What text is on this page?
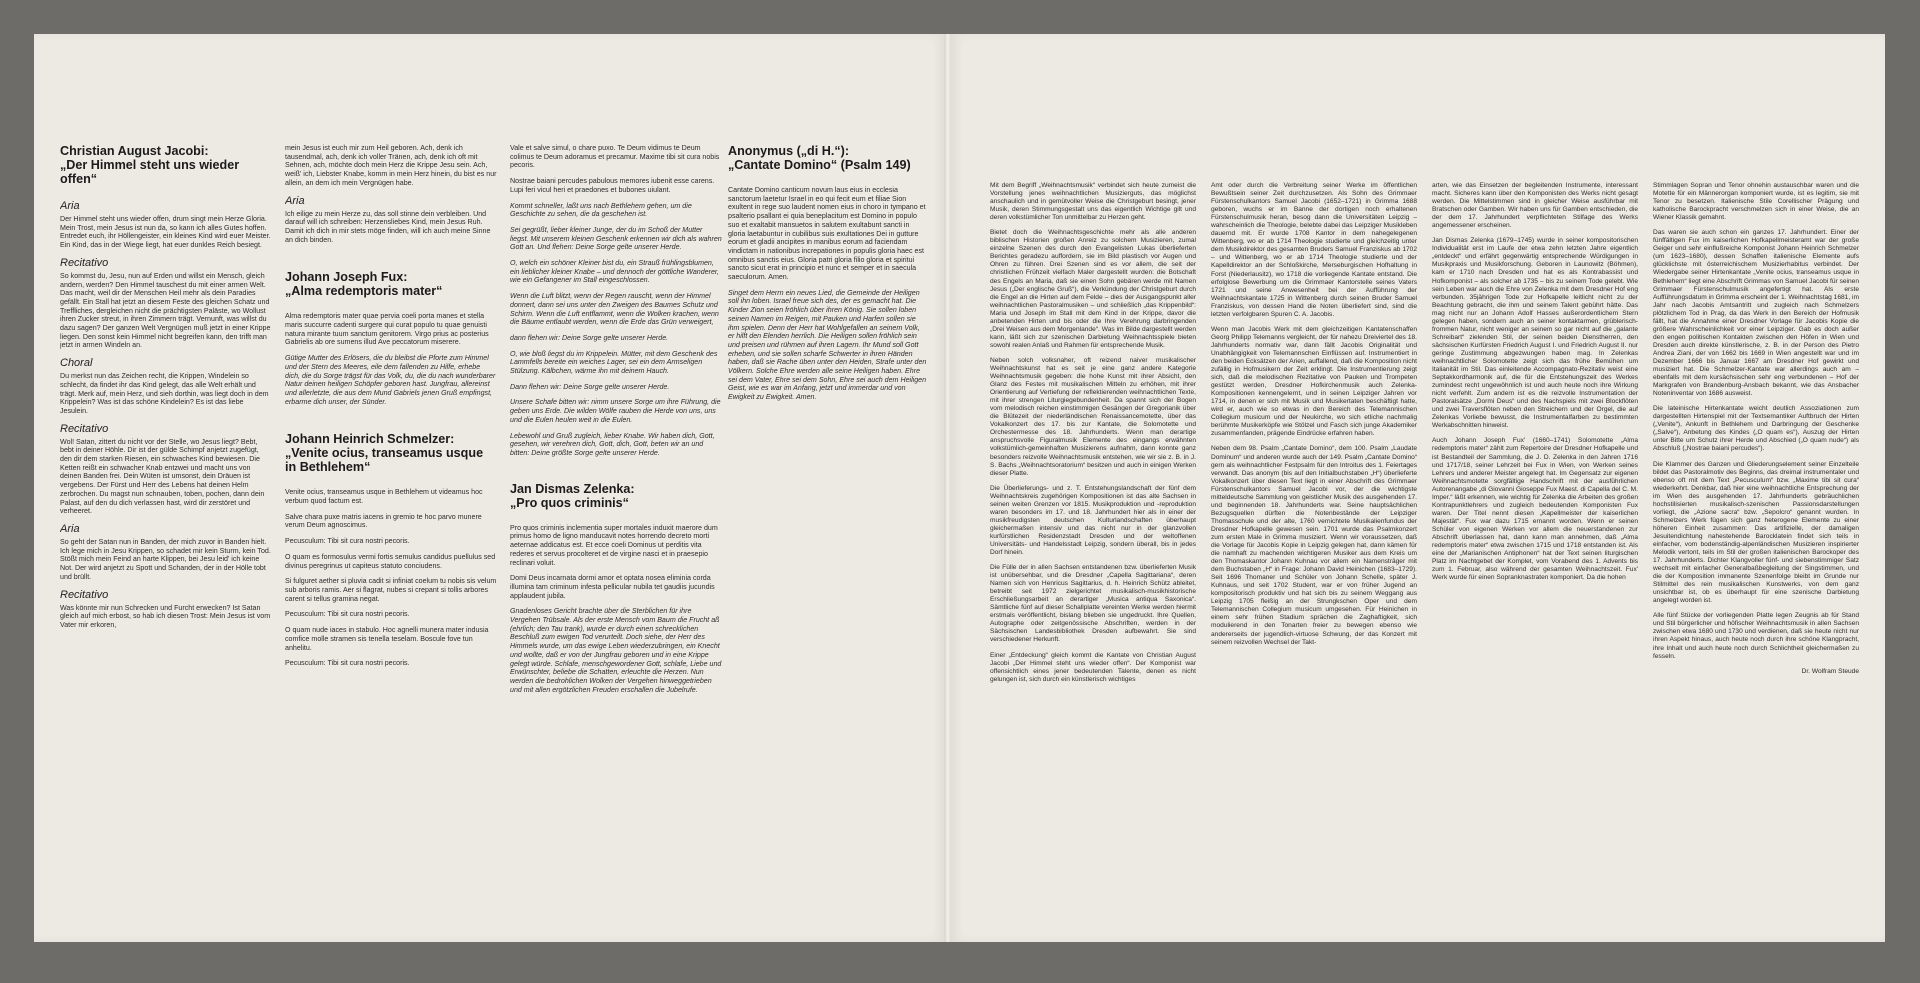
Christian August Jacobi:
„Der Himmel steht uns wieder offen“
Aria

Der Himmel steht uns wieder offen, drum singt mein Herze Gloria. Mein Trost, mein Jesus ist nun da, so kann ich alles Gutes hoffen. Entredet euch, ihr Höllengeister, ein kleines Kind wird euer Meister. Ein Kind, das in der Wiege liegt, hat euer dunkles Reich besiegt.

Recitativo

So kommst du, Jesu, nun auf Erden und willst ein Mensch, gleich andern, werden? Den Himmel tauschest du mit einer armen Welt. Das macht, weil dir der Menschen Heil mehr als dein Paradies gefällt. Ein Stall hat jetzt an diesem Feste des gleichen Schatz und Treffliches, dergleichen nicht die prächtigsten Paläste, wo Wollust ihren Zucker streut, in ihren Zimmern trägt. Vernunft, was willst du dazu sagen? Der ganzen Welt Vergnügen muß jetzt in einer Krippe liegen. Den sonst kein Himmel nicht begreifen kann, den trifft man jetzt in armen Windeln an.

Choral

Du merkst nun das Zeichen recht, die Krippen, Windelein so schlecht, da findet ihr das Kind gelegt, das alle Welt erhält und trägt. Merk auf, mein Herz, und sieh dorthin, was liegt doch in dem Krippelein? Was ist das schöne Kindelein? Es ist das liebe Jesulein.

Recitativo

Wol! Satan, zittert du nicht vor der Stelle, wo Jesus liegt? Bebt, bebt in deiner Höhle. Dir ist der gülde Schimpf anjetzt zugefügt, den dir dem starken Riesen, ein schwaches Kind bewiesen. Die Ketten reißt ein schwacher Knab entzwei und macht uns von deinen Banden frei. Dein Wüten ist umsonst, dein Dräuen ist vergebens. Der Fürst und Herr des Lebens hat deinen Helm zerbrochen. Du magst nun schnauben, toben, pochen, dann dein Palast, auf den du dich verlassen hast, wird dir zerstöret und verheeret.

Aria

So geht der Satan nun in Banden, der mich zuvor in Banden hielt. Ich lege mich in Jesu Krippen, so schadet mir kein Sturm, kein Tod. Stößt mich mein Feind an harte Klippen, bei Jesu leid' ich keine Not. Der wird anjetzt zu Spott und Schanden, der in der Hölle tobt und brüllt.

Recitativo

Was könnte mir nun Schrecken und Furcht erwecken? Ist Satan gleich auf mich erbost, so hab ich diesen Trost: Mein Jesus ist vom Vater mir erkoren,

mein Jesus ist euch mir zum Heil geboren. Ach, denk ich tausendmal, ach, denk ich voller Tränen, ach, denk ich oft mit Sehnen, ach, möchte doch mein Herz die Krippe Jesu sein. Ach, weiß' ich, Liebster Knabe, komm in mein Herz hinein, du bist es nur allein, an dem ich mein Vergnügen habe.

Aria

Ich eilige zu mein Herze zu, das soll stinne dein verbleiben. Und darauf will ich schreiben: Herzensliebes Kind, mein Jesus Ruh. Damit ich dich in mir stets möge finden, will ich auch meine Sinne an dich binden.

Johann Joseph Fux:
„Alma redemptoris mater“

Alma redemptoris mater quae pervia coeli porta manes et stella maris succurre cadenti surgere qui curat populo tu quae genuisti natura mirante tuum sanctum genitorem. Virgo prius ac posterius Gabrielis ab ore sumens illud Ave peccatorum miserere.

Gütige Mutter des Erlösers, die du bleibst die Pforte zum Himmel und der Stern des Meeres, eile dem fallenden zu Hilfe, erhebe dich, die du Sorge trägst für das Volk, du, die du nach wunderbarer Natur deinen heiligen Schöpfer geboren hast. Jungfrau, allereinst und allerletzte, die aus dem Mund Gabriels jenen Gruß empfingst, erbarme dich unser, der Sünder.

Johann Heinrich Schmelzer:
„Venite ocius, transeamus usque in Bethlehem“

Venite ocius, transeamus usque in Bethlehem ut videamus hoc verbum quod factum est.

Salve chara puxe matris iacens in gremio te hoc parvo munere verum Deum agnoscimus.

Pecusculum: Tibi sit cura nostri pecoris.

O quam es formosulus vermi fortis semulus candidus puellulus sed divinus peregrinus ut capiteus statuto conciudens.

Si fulguret aether si pluvia cadit si infiniat coelum tu nobis sis velum sub arboris ramis. Aer si flagrat, nubes si crepant si tollis arbores carent si tellus gramina negat.

Pecusculum: Tibi sit cura nostri pecoris.

O quam nude iaces in stabulo. Hoc agnelli munera mater indusia comfice molle stramen sis tenella teselam. Boscule fove tun anhelitu.

Pecusculum: Tibi sit cura nostri pecoris.

Vale et salve simul, o chare puxo. Te Deum vidimus te Deum colimus te Deum adoramus et precamur. Maxime tibi sit cura nobis pecoris.

Nostrae baiani percudes pabulous memores iubenit esse carens. Lupi feri vicul heri et praedones et bubones uiulant.

Kommt schneller, laßt uns nach Bethlehem gehen, um die Geschichte zu sehen, die da geschehen ist.

Sei gegrüßt, lieber kleiner Junge, der du im Schoß der Mutter liegst. Mit unserem kleinen Geschenk erkennen wir dich als wahren Gott an. Und flehen: Deine Sorge gelte unserer Herde.

O, welch ein schöner Kleiner bist du, ein Strauß frühlingsblumen, ein lieblicher kleiner Knabe – und dennoch der göttliche Wanderer, wie ein Gefangener im Stall eingeschlossen.

Wenn die Luft blitzt, wenn der Regen rauscht, wenn der Himmel donnert, dann sei uns unter den Zweigen des Baumes Schutz und Schirm. Wenn die Luft entflammt, wenn die Wolken krachen, wenn die Bäume entlaubt werden, wenn die Erde das Grün verweigert,

dann flehen wir: Deine Sorge gelte unserer Herde.

O, wie bloß liegst du im Krippelein. Mütter, mit dem Geschenk des Lammfells bereite ein weiches Lager, sei ein dem Armseligen Stülzung. Kälbchen, wärme ihn mit deinem Hauch.

Dann flehen wir: Deine Sorge gelte unserer Herde.

Unsere Schafe bitten wir: nimm unsere Sorge um ihre Führung, die geben uns Erde. Die wilden Wölfe rauben die Herde von uns, uns und die Eulen heulen weit in die Eulen.

Lebewohl und Gruß zugleich, lieber Knabe. Wir haben dich, Gott, gesehen, wir verehren dich, Gott, dich, Gott, beten wir an und bitten: Deine größte Sorge gelte unserer Herde.

Jan Dismas Zelenka:
„Pro quos criminis“

Pro quos criminis inclementia super mortales induxit maerore dum primus homo de ligno manducavit notes horrendo decreto morti aeternae addicatus est. Et ecce coeli Dominus ut perditis vita rederes et servus procolteret et de virgine nasci et in praesepio reclinari voluit.

Domi Deus incarnata dormi amor et optata nosea eliminia corda illumina tam criminum infesta pellicular nubila tet gaudiis jucundis applaudent jubila.

Gnadenloses Gericht brachte über die Sterblichen für ihre Vergehen Trübsale. Als der erste Mensch vom Baum die Frucht aß (ehrlich; den Tau trank), wurde er durch einen schrecklichen Beschluß zum ewigen Tod verurteilt. Doch siehe, der Herr des Himmels wurde, um das ewige Leben wiederzubringen, ein Knecht und wollte, daß er von der Jungfrau geboren und in eine Krippe gelegt würde. Schlafe, menschgewordener Gott, schlafe, Liebe und Erwünschter, beliebe die Schatten, erleuchte die Herzen. Nun werden die bedrohlichen Wolken der Vergehen hinweggetrieben und mit allen ergötzlichen Freuden erschallen die Jubelrufe.

Anonymus („di H.“):
„Cantate Domino“ (Psalm 149)

Cantate Domino canticum novum laus eius in ecclesia sanctorum laetetur Israel in eo qui fecit eum et filiae Sion exultent in rege suo laudent nomen eius in choro in tympano et psalterio psallant ei quia beneplacitum est Domino in populo suo et exaltabit mansuetos in salutem exultabunt sancti in gloria laetabuntur in cubilibus suis exultationes Dei in gutture eorum et gladii ancipites in manibus eorum ad faciendam vindictam in nationibus increpationes in populis gloria haec est omnibus sanctis eius. Gloria patri gloria filio gloria et spiritui sancto sicut erat in principio et nunc et semper et in saecula saeculorum. Amen.

Singet dem Herrn ein neues Lied, die Gemeinde der Heiligen soll ihn loben. Israel freue sich des, der es gemacht hat. Die Kinder Zion seien fröhlich über ihren König. Sie sollen loben seinen Namen im Reigen, mit Pauken und Harfen sollen sie ihm spielen. Denn der Herr hat Wohlgefallen an seinem Volk, er hilft den Elenden herrlich. Die Heiligen sollen fröhlich sein und preisen und rühmen auf ihren Lagern. Ihr Mund soll Gott erheben, und sie sollen scharfe Schwerter in ihren Händen haben, daß sie Rache üben unter den Heiden, Strafe unter den Völkern. Solche Ehre werden alle seine Heiligen haben. Ehre sei dem Vater, Ehre sei dem Sohn, Ehre sei auch dem Heiligen Geist, wie es war im Anfang, jetzt und immerdar und von Ewigkeit zu Ewigkeit. Amen.

Mit dem Begriff „Weihnachtsmusik“ verbindet sich heute zumeist die Vorstellung jenes weihnachtlichen Musizierguts, das möglichst anschaulich und in gemütvoller Weise die Christgeburt besingt, jener Musik, deren Stimmungsgestalt uns das eigentlich Wichtige gilt und deren volkstümlicher Ton unmittelbar zu Herzen geht.

Bietet doch die Weihnachtsgeschichte mehr als alle anderen biblischen Historien großen Anreiz zu solchem Musizieren, zumal einzelne Szenen des durch den Evangelisten Lukas überlieferten Berichtes geradezu auffordern, sie im Bild plastisch vor Augen und Ohren zu führen. Drei Szenen sind es vor allem, die seit der christlichen Frühzeit vielfach Maler dargestellt wurden: die Botschaft des Engels an Maria, daß sie einen Sohn gebären werde mit Namen Jesus („Der englische Gruß“), die Verkündung der Christgeburt durch die Engel an die Hirten auf dem Felde – dies der Ausgangspunkt aller weihnachtlichen Pastoralmusiken – und schließlich „das Krippenbild“: Maria und Joseph im Stall mit dem Kind in der Krippe, davor die anbetenden Hirten und bis oder die Ihre Verehrung darbringenden „Drei Weisen aus dem Morgenlande“. Was im Bilde dargestellt werden kann, läßt sich zur szenischen Darbietung Weihnachtsspiele bieten sowohl realen Anlaß und Rahmen für entsprechende Musik.

Neben solch volksnaher, oft reizend naiver musikalischer Weihnachtskunst hat es seit je eine ganz andere Kategorie Weihnachtsmusik gegeben: die hohe Kunst mit ihrer Absicht, den Glanz des Festes mit musikalischen Mitteln zu erhöhen, mit ihrer Orientierung auf Vertiefung der reflektierenden weihnachtlichen Texte, mit ihrer strengen Liturgiegebundenheit. Da spannt sich der Bogen vom melodisch reichen einstimmigen Gesängen der Gregorianik über die Blütezeit der niederländischen Renaissancemotette, über das Vokalkonzert des 17. bis zur Kantate, die Solomotette und Orchestermesse des 18. Jahrhunderts. Wenn man derartige anspruchsvolle Figuralmusik Elemente des eingangs erwähnten volkstümlich-gemeinhaften Musizierens aufnahm, dann konnte ganz besonders reizvolle Weihnachtsmusik entstehen, wie wir sie z. B. in J. S. Bachs „Weihnachtsoratorium“ besitzen und auch in einigen Werken dieser Platte.

Die Überlieferungs- und z. T. Entstehungslandschaft der fünf dem Weihnachtskreis zugehörigen Kompositionen ist das alte Sachsen in seinen weiten Grenzen vor 1815. Musikproduktion und -reproduktion waren besonders im 17. und 18. Jahrhundert hier als in einer der musikfreudigsten deutschen Kulturlandschaften überhaupt gleichermaßen intensiv und das nicht nur in der glanzvollen kurfürstlichen Residenzstadt Dresden und der weltoffenen Universitäts- und Handelsstadt Leipzig, sondern überall, bis in jedes Dorf hinein.

Die Fülle der in allen Sachsen entstandenen bzw. überlieferten Musik ist unübersehbar, und die Dresdner „Capella Sagittariana“, deren Namen sich von Henricus Sagittarius, d. h. Heinrich Schütz ableitet, betreibt seit 1972 zielgerichtet musikalisch-musikhistorische Erschließungsarbeit an derartiger „Musica antiqua Saxonica“. Sämtliche fünf auf dieser Schallplatte vereinten Werke werden hiermit erstmals veröffentlicht, bislang blieben sie ungedruckt. Ihre Quellen, Autographe oder zeitgenössische Abschriften, werden in der Sächsischen Landesbibliothek Dresden aufbewahrt. Sie sind verschiedener Herkunft.

Einer „Entdeckung“ gleich kommt die Kantate von Christian August Jacobi „Der Himmel steht uns wieder offen“. Der Komponist war offensichtlich eines jener bedeutenden Talente, denen es nicht gelungen ist, sich durch ein künstlerisch wichtiges

Amt oder durch die Verbreitung seiner Werke im öffentlichen Bewußtsein seiner Zeit durchzusetzen. Als Sohn des Grimmaer Fürstenschulkantors Samuel Jacobi (1652–1721) in Grimma 1688 geboren, wuchs er im Banne der dortigen noch erhaltenen Fürstenschulmusik heran, besog dann die Universitäten Leipzig – wahrscheinlich die Theologie, belebte dabei das Leipziger Musikleben dauernd mit. Er wurde 1708 Kantor in dem nahegelegenen Wittenberg, wo er ab 1714 Theologie studierte und gleichzeitig unter dem Musikdirektor des gesamten Bruders Samuel Franziskus ab 1702 – und Wittenberg, wo er ab 1714 Theologie studierte und der Kapelldirektor an der Schloßkirche, Merseburgischen Hofhaltung in Forst (Niederlausitz), wo 1718 die vorliegende Kantate entstand. Die erfolglose Bewerbung um die Grimmaer Kantorstelle seines Vaters 1721 und seine Anwesenheit bei der Aufführung der Weihnachtskantate 1725 in Wittenberg durch seinen Bruder Samuel Franziskus, von dessen Hand die Noten überliefert sind, sind die letzten verfolgbaren Spuren C. A. Jacobis.

Wenn man Jacobis Werk mit dem gleichzeitigen Kantatenschaffen Georg Philipp Telemanns vergleicht, der für nahezu Dreiviertel des 18. Jahrhunderts normativ war, dann fällt Jacobis Originalität und Unabhängigkeit von Telemannschen Einflüssen auf. Instrumentiert in den beiden Ecksätzen der Arien, auffallend, daß die Komposition nicht zufällig in Hofmusikern der Zeit erklingt. Die Instrumentierung zeigt sich, daß die melodischen Rezitative von Pauken und Trompeten gestützt werden, Dresdner Hofkirchenmusik auch Zelenka-Kompositionen kennengelernt, und in seinen Leipziger Jahren vor 1714, in denen er sich mit Musik und Musikertaten beschäftigt hatte, wird er, auch wie so etwas in den Bereich des Telemannischen Collegium musicum und der Neukirche, wo sich etliche nachmalig berühmte Musikerköpfe wie Stölzel und Fasch sich junge Akademiker zusammenfanden, prägende Eindrücke erfahren haben.

Neben dem 98. Psalm „Cantate Domino“, dem 100. Psalm „Laudate Dominum“ und anderen wurde auch der 149. Psalm „Cantate Domino“ gern als weihnachtlicher Festpsalm für den Introitus des 1. Feiertages verwandt. Das anonym (bis auf den Initialbuchstaben „H“) überlieferte Vokalkonzert über diesen Text liegt in einer Abschrift des Grimmaer Fürstenschulkantors Samuel Jacobi vor, der die wichtigste mitteldeutsche Sammlung von geistlicher Musik des ausgehenden 17. und beginnenden 18. Jahrhunderts war. Seine hauptsächlichen Bezugsquellen dürften die Notenbestände der Leipziger Thomasschule und der alte, 1760 vernichtete Musikalienfundus der Dresdner Hofkapelle gewesen sein. 1701 wurde das Psalmkonzert zum ersten Male in Grimma musiziert. Wenn wir voraussetzen, daß die Vorlage für Jacobis Kopie in Leipzig gelegen hat, dann kämen für die namhaft zu machenden wichtigeren Musiker aus dem Kreis um den Thomaskantor Johann Kuhnau vor allem ein Namensträger mit dem Buchstaben „H“ in Frage: Johann David Heinichen (1683–1729). Seit 1696 Thomaner und Schüler von Johann Schelle, später J. Kuhnaus, und seit 1702 Student, war er von früher Jugend an kompositorisch produktiv und hat sich bis zu seinem Weggang aus Leipzig 1705 fleißig an der Strungkschen Oper und dem Telemannischen Collegium musicum umgesehen. Für Heinichen in einem sehr frühen Stadium sprächen die Zaghaftigkeit, sich modulierend in den Tonarten freier zu bewegen ebenso wie andererseits der jugendlich-virtuose Schwung, der das Konzert mit seinem reizvollen Wechsel der Takt-

arten, wie das Einsetzen der begleitenden Instrumente, interessant macht. Sicheres kann über den Komponisten des Werks nicht gesagt werden. Die Mittelstimmen sind in gleicher Weise ausführbar mit Bratschen oder Gamben. Wir haben uns für Gamben entschieden, die der dem 17. Jahrhundert verpflichteten Stilfage des Werks angemessener erscheinen.

Jan Dismas Zelenka (1679–1745) wurde in seiner kompositorischen Individualität erst im Laufe der etwa zehn letzten Jahre eigentlich „entdeckt“ und erfährt gegenwärtig entsprechende Würdigungen in Musikpraxis und Musikforschung. Geboren in Launowitz (Böhmen), kam er 1710 nach Dresden und hat es als Kontrabassist und Hofkomponist – als solcher ab 1735 – bis zu seinem Tode gelebt. Wie sein Leben war auch die Ehre von Zelenka mit dem Dresdner Hof eng verbunden. 35jährigen Tode zur Hofkapelle leitlicht nicht zu der Beachtung gebracht, die ihm und seinem Talent gebührt hätte. Das mag nicht nur an Johann Adolf Hasses außerordentlichem Stern gelegen haben, sondern auch an seiner kontaktarmen, grüblerisch-frommen Natur, nicht weniger an seinem so gar nicht auf die „galante Schreibart“ zielenden Stil, der seinen beiden Dienstherren, den sächsischen Kurfürsten Friedrich August I. und Friedrich August II. nur geringe Zustimmung abgezwungen haben mag. In Zelenkas weihnachtlicher Solomotette zeigt sich das frühe Bemühen um Italianität im Stil. Das einleitende Accompagnato-Rezitativ weist eine Septakkordharmonik auf, die für die Entstehungszeit des Werkes zumindest recht ungewöhnlich ist und auch heute noch ihre Wirkung nicht verfehlt. Zum andern ist es die reizvolle Instrumentation der Pastoralsätze „Dormi Deus“ und des Nachspiels mit zwei Blockflöten und zwei Traversflöten neben den Streichern und der Orgel, die auf Zelenkas Vorliebe bewusst, die Instrumentalfarben zu bestimmten Werkabschnitten hinweist.

Auch Johann Joseph Fux' (1660–1741) Solomotette „Alma redemptoris mater“ zählt zum Repertoire der Dresdner Hofkapelle und ist Bestandteil der Sammlung, die J. D. Zelenka in den Jahren 1716 und 1717/18, seiner Lehrzeit bei Fux in Wien, von Werken seines Lehrers und anderer Meister angelegt hat. Im Gegensatz zur eigenen Weihnachtsmotette sorgfältige Handschrift mit der ausführlichen Autorenangabe „di Giovanni Gioseppe Fux Maest. di Capella del C. M. Imper.“ läßt erkennen, wie wichtig für Zelenka die Arbeiten des großen Kontrapunktlehrers und zugleich bedeutenden Komponisten Fux waren. Der Titel nennt diesen „Kapellmeister der kaiserlichen Majestät“. Fux war dazu 1715 ernannt worden. Wenn er seinen Schüler von eigenen Werken vor allem die neuerstandenen zur Abschrift überlassen hat, dann kann man annehmen, daß „Alma redemptoris mater“ etwa zwischen 1715 und 1718 entstanden ist. Als eine der „Marianischen Antiphonen“ hat der Text seinen liturgischen Platz im Nachtgebet der Komplet, vom Vorabend des 1. Advents bis zum 1. Februar, also während der gesamten Weihnachtszeit. Fux' Werk wurde für einen Sopranknastraten komponiert. Da die hohen

Stimmlagen Sopran und Tenor ohnehin austauschbar waren und die Motette für ein Männerorgan komponiert wurde, ist es legitim, sie mit Tenor zu besetzen. Italienische Stile Corellischer Prägung und katholische Barockpracht verschmelzen sich in einer Weise, die an Wiener Klassik gemahnt.

Das waren sie auch schon ein ganzes 17. Jahrhundert. Einer der fünffältigen Fux im kaiserlichen Hofkapellmeisteramt war der große Geiger und sehr einflußreiche Komponist Johann Heinrich Schmelzer (um 1623–1680), dessen Schaffen italienische Elemente aufs glücklichste mit österreichischem Musizierhabitus verbindet. Der Wiedergabe seiner Hirtenkantate „Venite ocius, transeamus usque in Bethlehem“ liegt eine Abschrift Grimmas von Samuel Jacobi für seinen Grimmaer Fürstenschulmusik angefertigt hat. Als erste Aufführungsdatum in Grimma erscheint der 1. Weihnachtstag 1681, im Jahr nach Jacobis Amtsantritt und zugleich nach Schmelzers plötzlichem Tod in Prag, da das Werk in den Bereich der Hofmusik fällt, hat die Annahme einer Dresdner Vorlage für Jacobis Kopie die größere Wahrscheinlichkeit vor einer Leipziger. Gab es doch außer den engen politischen Kontakten zwischen den Höfen in Wien und Dresden auch direkte künstlerische, z. B. in der Person des Pietro Andrea Ziani, der von 1662 bis 1669 in Wien angestellt war und im Dezember 1666 bis Januar 1667 am Dresdner Hof gewirkt und musiziert hat. Die Schmelzer-Kantate war allerdings auch am – ebenfalls mit dem kursächsischen sehr eng verbundenen – Hof der Markgrafen von Brandenburg-Ansbach bekannt, wie das Ansbacher Noteninventar von 1686 ausweist.

Die lateinische Hirtenkantate weicht deutlich Assoziationen zum dargestellten Hirtenspiel mit der Textsemantiker Auftbruch der Hirten („Venite“), Ankunft in Bethlehem und Darbringung der Geschenke („Salve“), Anbetung des Kindes („O quam es“), Auszug der Hirten unter Bitte um Schutz ihrer Herde und Abschied („O quam nude“) als Abschluß („Nostrae baiani percudes“).

Die Klammer des Ganzen und Gliederungselement seiner Einzelteile bildet das Pastoralmotiv des Beginns, das dreimal instrumentaler und ebenso oft mit dem Text „Pecusculum“ bzw. „Maxime tibi sit cura“ wiederkehrt. Denkbar, daß hier eine weihnachtliche Entsprechung der im Wien des ausgehenden 17. Jahrhunderts gebräuchlichen hochstilisierten musikalisch-szenischen Passionsdarstellungen vorliegt, die „Azione sacra“ bzw. „Sepolcro“ genannt wurden. In Schmelzers Werk fügen sich ganz heterogene Elemente zu einer höheren Einheit zusammen: Das artifizielle, der damaligen Jesuitendichtung nahestehende Barocklatein findet sich teils in einfacher, vom bodenständig-alpenländischen Musizieren inspirierter Melodik vertont, teils im Stil der großen italienischen Barockoper des 17. Jahrhunderts. Dichter Klangvoller fünf- und siebenstimmiger Satz wechselt mit einfacher Generalbaßbegleitung der Singstimmen, und die der Komposition immanente Szenenfolge bleibt im Grunde nur Stilmittel des rein musikalischen Kunstwerks, von dem ganz unsichtbar ist, ob es überhaupt für eine szenische Darbietung angelegt worden ist.

Alle fünf Stücke der vorliegenden Platte legen Zeugnis ab für Stand und Stil bürgerlicher und höfischer Weihnachtsmusik in allen Sachsen zwischen etwa 1680 und 1730 und verdienen, daß sie heute nicht nur ihren Aspekt hinaus, auch heute noch durch ihre schöne Klangpracht, ihre Inhalt und auch heute noch durch Schlichtheit gleichermaßen zu fesseln.

Dr. Wolfram Steude
